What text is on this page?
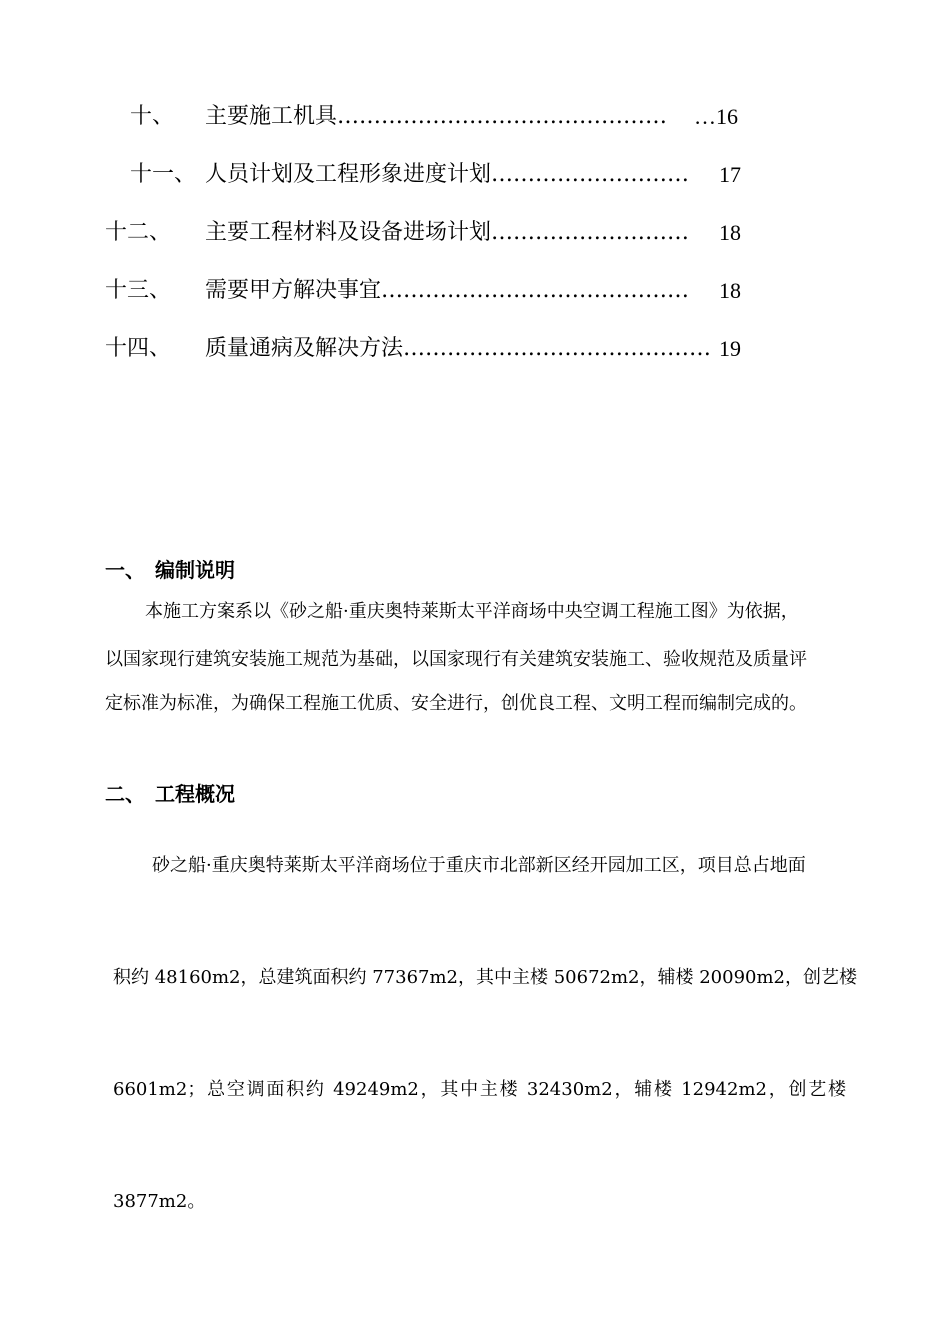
十、 主要施工机具……………………………………… …16
十一、 人员计划及工程形象进度计划……………………… 17
十二、 主要工程材料及设备进场计划……………………… 18
十三、 需要甲方解决事宜…………………………………… 18
十四、 质量通病及解决方法…………………………………… 19
一、 编制说明
本施工方案系以《砂之船·重庆奥特莱斯太平洋商场中央空调工程施工图》为依据，
以国家现行建筑安装施工规范为基础，以国家现行有关建筑安装施工、验收规范及质量评
定标准为标准，为确保工程施工优质、安全进行，创优良工程、文明工程而编制完成的。
二、 工程概况
砂之船·重庆奥特莱斯太平洋商场位于重庆市北部新区经开园加工区，项目总占地面
积约 48160m2，总建筑面积约 77367m2，其中主楼 50672m2，辅楼 20090m2，创艺楼
6601m2；总空调面积约 49249m2，其中主楼 32430m2，辅楼 12942m2，创艺楼
3877m2。
